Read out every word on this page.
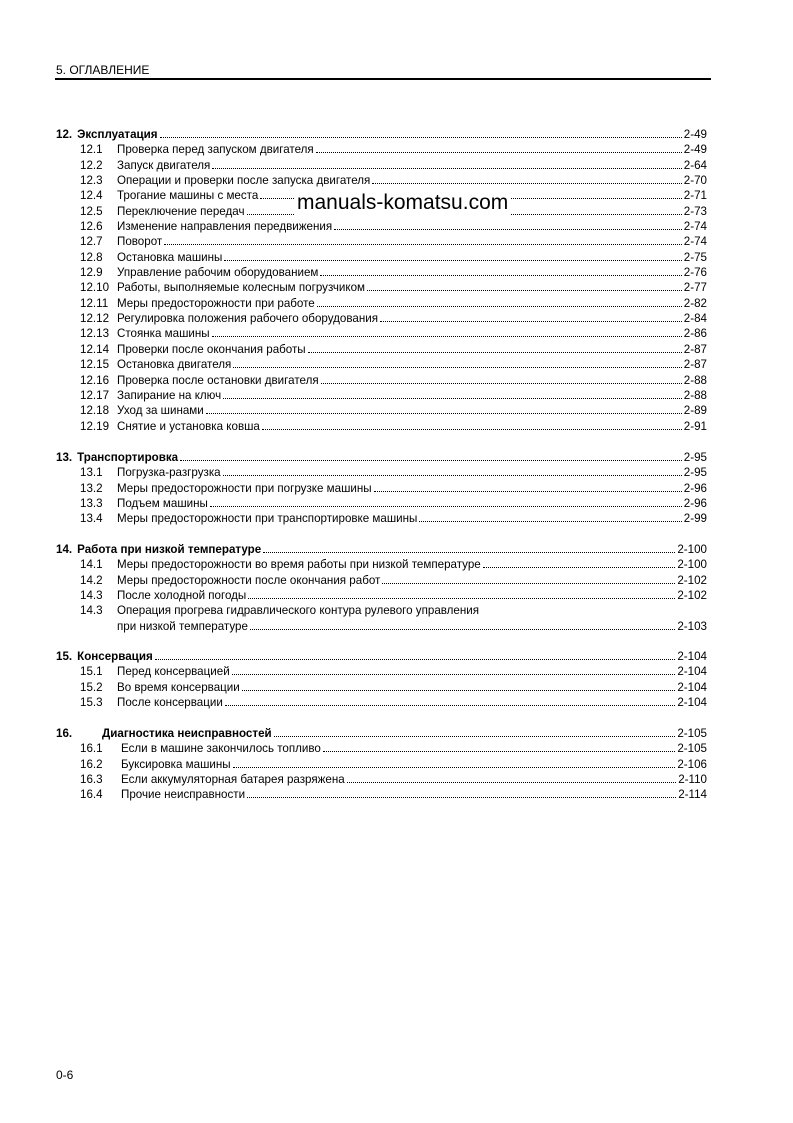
5. ОГЛАВЛЕНИЕ
12. Эксплуатация	2-49
12.1	Проверка перед запуском двигателя	2-49
12.2	Запуск двигателя	2-64
12.3	Операции и проверки после запуска двигателя	2-70
12.4	Трогание машины с места	2-71
12.5	Переключение передач	2-73
12.6	Изменение направления передвижения	2-74
12.7	Поворот	2-74
12.8	Остановка машины	2-75
12.9	Управление рабочим оборудованием	2-76
12.10 Работы, выполняемые колесным погрузчиком	2-77
12.11 Меры предосторожности при работе	2-82
12.12 Регулировка положения рабочего оборудования	2-84
12.13 Стоянка машины	2-86
12.14 Проверки после окончания работы	2-87
12.15 Остановка двигателя	2-87
12.16 Проверка после остановки двигателя	2-88
12.17 Запирание на ключ	2-88
12.18 Уход за шинами	2-89
12.19 Снятие и установка ковша	2-91
13. Транспортировка	2-95
13.1	Погрузка-разгрузка	2-95
13.2	Меры предосторожности при погрузке машины	2-96
13.3	Подъем машины	2-96
13.4	Меры предосторожности при транспортировке машины	2-99
14. Работа при низкой температуре	2-100
14.1	Меры предосторожности во время работы при низкой температуре	2-100
14.2	Меры предосторожности после окончания работ	2-102
14.3	После холодной погоды	2-102
14.3	Операция прогрева гидравлического контура рулевого управления
при низкой температуре	2-103
15. Консервация	2-104
15.1	Перед консервацией	2-104
15.2	Во время консервации	2-104
15.3	После консервации	2-104
16.	Диагностика неисправностей	2-105
16.1	Если в машине закончилось топливо	2-105
16.2	Буксировка машины	2-106
16.3	Если аккумуляторная батарея разряжена	2-110
16.4	Прочие неисправности	2-114
manuals-komatsu.com
0-6
